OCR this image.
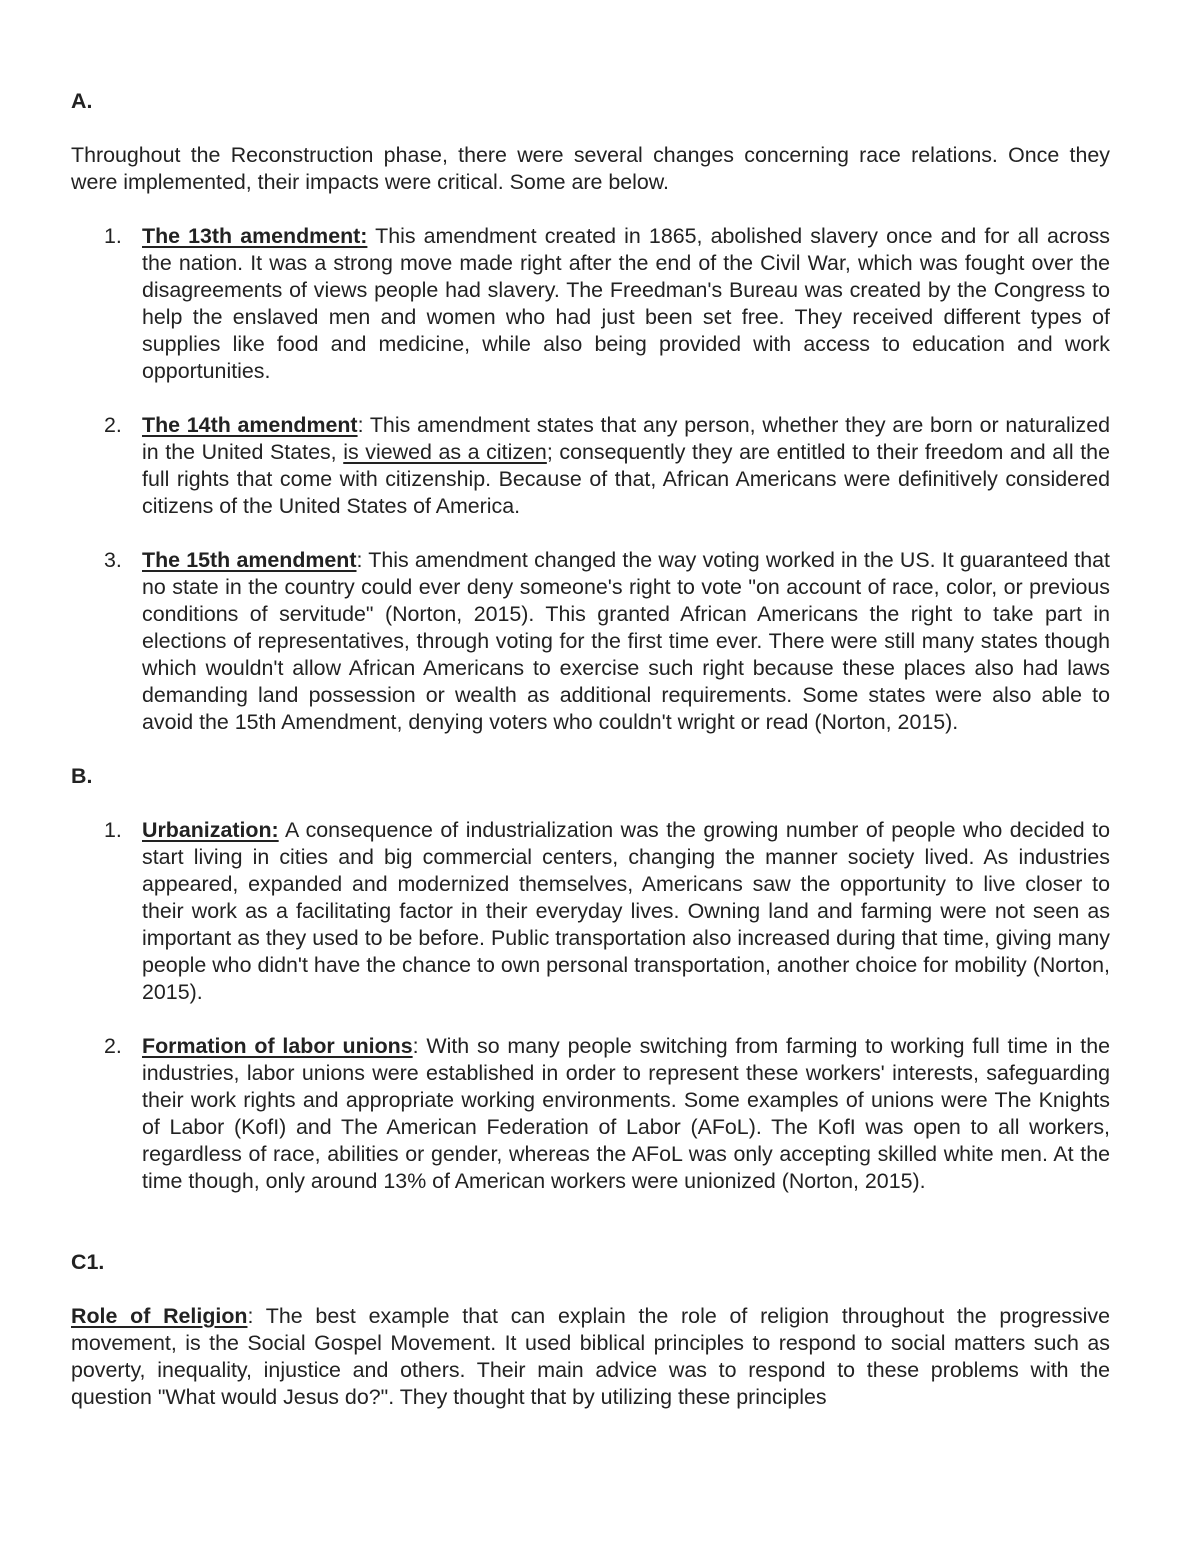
A.

Throughout the Reconstruction phase, there were several changes concerning race relations. Once they were implemented, their impacts were critical. Some are below.

1. The 13th amendment: This amendment created in 1865, abolished slavery once and for all across the nation. It was a strong move made right after the end of the Civil War, which was fought over the disagreements of views people had slavery. The Freedman's Bureau was created by the Congress to help the enslaved men and women who had just been set free. They received different types of supplies like food and medicine, while also being provided with access to education and work opportunities.
2. The 14th amendment: This amendment states that any person, whether they are born or naturalized in the United States, is viewed as a citizen; consequently they are entitled to their freedom and all the full rights that come with citizenship. Because of that, African Americans were definitively considered citizens of the United States of America.
3. The 15th amendment: This amendment changed the way voting worked in the US. It guaranteed that no state in the country could ever deny someone's right to vote "on account of race, color, or previous conditions of servitude" (Norton, 2015). This granted African Americans the right to take part in elections of representatives, through voting for the first time ever. There were still many states though which wouldn't allow African Americans to exercise such right because these places also had laws demanding land possession or wealth as additional requirements. Some states were also able to avoid the 15th Amendment, denying voters who couldn't wright or read (Norton, 2015).

B.

1. Urbanization: A consequence of industrialization was the growing number of people who decided to start living in cities and big commercial centers, changing the manner society lived. As industries appeared, expanded and modernized themselves, Americans saw the opportunity to live closer to their work as a facilitating factor in their everyday lives. Owning land and farming were not seen as important as they used to be before. Public transportation also increased during that time, giving many people who didn't have the chance to own personal transportation, another choice for mobility (Norton, 2015).
2. Formation of labor unions: With so many people switching from farming to working full time in the industries, labor unions were established in order to represent these workers' interests, safeguarding their work rights and appropriate working environments. Some examples of unions were The Knights of Labor (KofI) and The American Federation of Labor (AFoL). The KofI was open to all workers, regardless of race, abilities or gender, whereas the AFoL was only accepting skilled white men. At the time though, only around 13% of American workers were unionized (Norton, 2015).

C1.

Role of Religion: The best example that can explain the role of religion throughout the progressive movement, is the Social Gospel Movement. It used biblical principles to respond to social matters such as poverty, inequality, injustice and others. Their main advice was to respond to these problems with the question "What would Jesus do?". They thought that by utilizing these principles
